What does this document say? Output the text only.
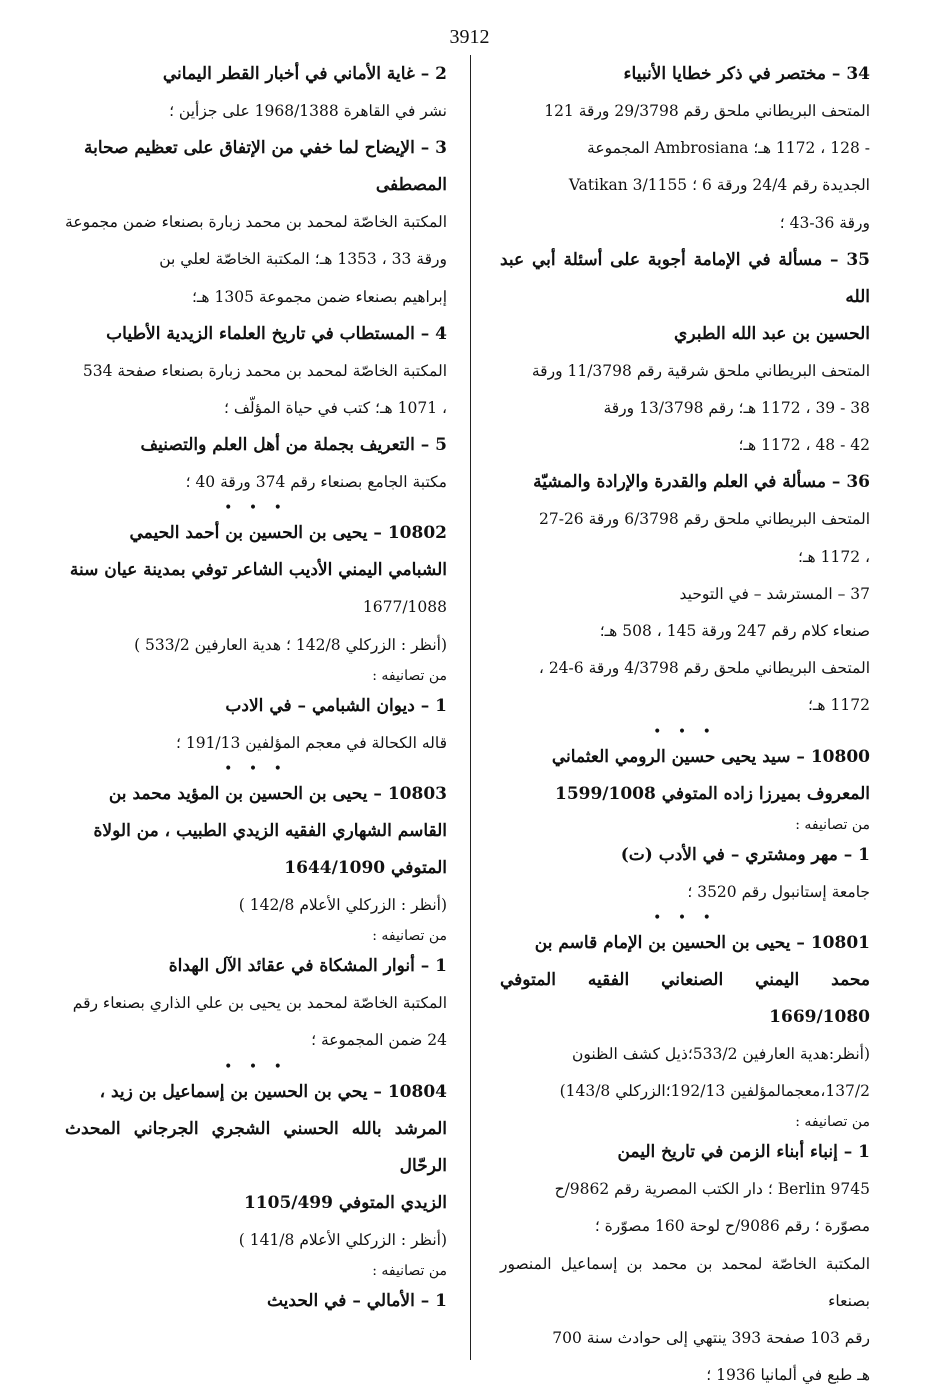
3912

34 – مختصر في ذكر خطايا الأنبياء

المتحف البريطاني ملحق رقم 29/3798 ورقة 121

- 128 ، 1172 هـ؛ Ambrosiana المجموعة

الجديدة رقم 24/4 ورقة 6 ؛ 3/1155 Vatikan

ورقة 36-43 ؛

35 – مسألة في الإمامة أجوبة على أسئلة أبي عبد الله

الحسين بن عبد الله الطبري

المتحف البريطاني ملحق شرقية رقم 11/3798 ورقة

38 - 39 ، 1172 هـ؛ رقم 13/3798 ورقة

42 - 48 ، 1172 هـ؛

36 – مسألة في العلم والقدرة والإرادة والمشيّة

المتحف البريطاني ملحق رقم 6/3798 ورقة 26-27

، 1172 هـ؛

37 – المسترشد – في التوحيد

صنعاء كلام رقم 247 ورقة 145 ، 508 هـ؛

المتحف البريطاني ملحق رقم 4/3798 ورقة 6-24 ،

1172 هـ؛

• • •

10800 – سيد يحيى حسين الرومي العثماني

المعروف بميرزا زاده المتوفي 1599/1008

من تصانيفه :

1 – مهر ومشتري – في الأدب (ت)

جامعة إستانبول رقم 3520 ؛

• • •

10801 – يحيى بن الحسين بن الإمام قاسم بن

محمد اليمني الصنعاني الفقيه المتوفي 1669/1080

(أنظر:هدية العارفين 533/2؛ذيل كشف الظنون

137/2،معجمالمؤلفين 192/13؛الزركلي 143/8)

من تصانيفه :

1 – إنباء أبناء الزمن في تاريخ اليمن

Berlin 9745 ؛ دار الكتب المصرية رقم 9862/ح

مصوّرة ؛ رقم 9086/ح لوحة 160 مصوّرة ؛

المكتبة الخاصّة لمحمد بن محمد بن إسماعيل المنصور بصنعاء

رقم 103 صفحة 393 ينتهي إلى حوادث سنة 700

هـ طبع في ألمانيا 1936 ؛

2 – غاية الأماني في أخبار القطر اليماني

نشر في القاهرة 1968/1388 على جزأين ؛

3 – الإيضاح لما خفي من الإتفاق على تعظيم صحابة

المصطفى

المكتبة الخاصّة لمحمد بن محمد زبارة بصنعاء ضمن مجموعة

ورقة 33 ، 1353 هـ؛ المكتبة الخاصّة لعلي بن

إبراهيم بصنعاء ضمن مجموعة 1305 هـ؛

4 – المستطاب في تاريخ العلماء الزيدية الأطياب

المكتبة الخاصّة لمحمد بن محمد زبارة بصنعاء صفحة 534

، 1071 هـ؛ كتب في حياة المؤلّف ؛

5 – التعريف بجملة من أهل العلم والتصنيف

مكتبة الجامع بصنعاء رقم 374 ورقة 40 ؛

• • •

10802 – يحيى بن الحسين بن أحمد الحيمي

الشبامي اليمني الأديب الشاعر توفي بمدينة عيان سنة

1677/1088

(أنظر : الزركلي 142/8 ؛ هدية العارفين 533/2 )

من تصانيفه :

1 – ديوان الشبامي – في الادب

قاله الكحالة في معجم المؤلفين 191/13 ؛

• • •

10803 – يحيى بن الحسين بن المؤيد محمد بن

القاسم الشهاري الفقيه الزيدي الطبيب ، من الولاة

المتوفي 1644/1090

(أنظر : الزركلي الأعلام 142/8 )

من تصانيفه :

1 – أنوار المشكاة في عقائد الآل الهداة

المكتبة الخاصّة لمحمد بن يحيى بن علي الذاري بصنعاء رقم

24 ضمن المجموعة ؛

• • •

10804 – يحي بن الحسين بن إسماعيل بن زيد ،

المرشد بالله الحسني الشجري الجرجاني المحدث الرحّال

الزيدي المتوفي 1105/499

(أنظر : الزركلي الأعلام 141/8 )

من تصانيفه :

1 – الأمالي – في الحديث
